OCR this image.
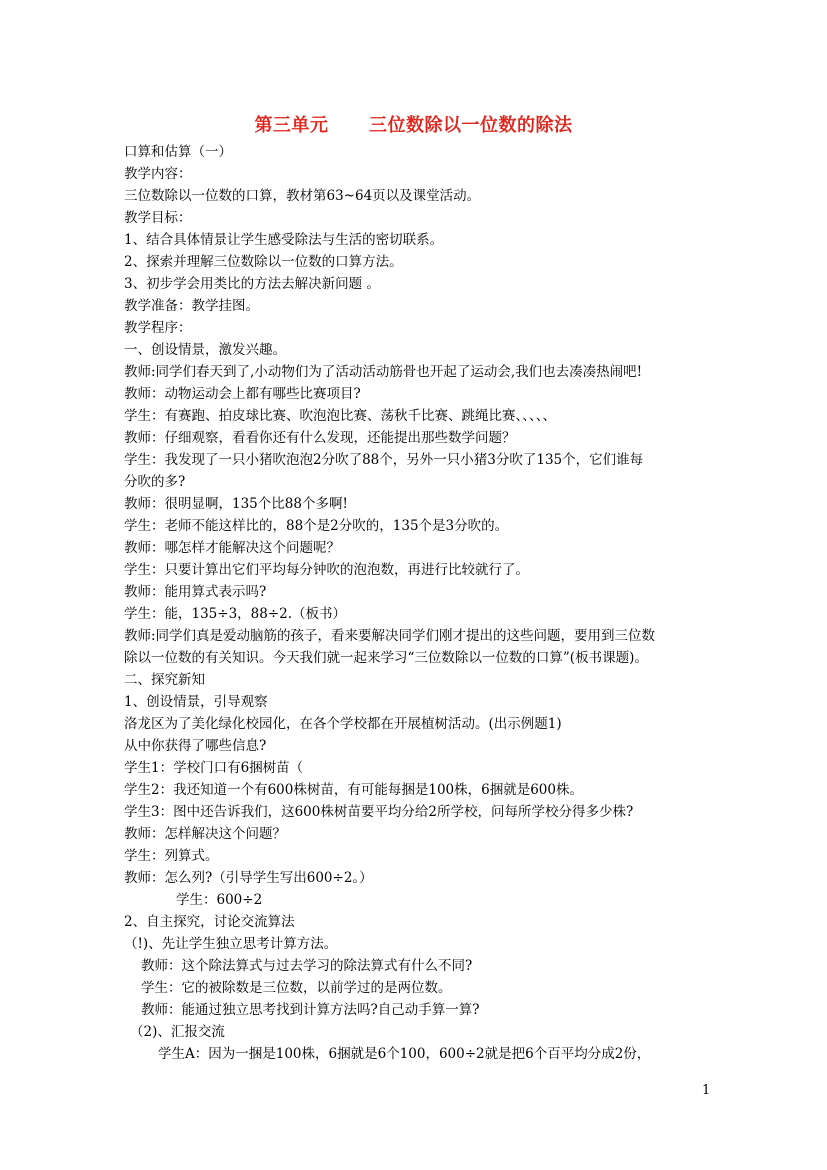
第三单元      三位数除以一位数的除法
口算和估算（一）
教学内容：
三位数除以一位数的口算，教材第63~64页以及课堂活动。
教学目标：
1、结合具体情景让学生感受除法与生活的密切联系。
2、探索并理解三位数除以一位数的口算方法。
3、初步学会用类比的方法去解决新问题 。
教学准备：教学挂图。
教学程序：
一、创设情景，激发兴趣。
教师:同学们春天到了,小动物们为了活动活动筋骨也开起了运动会,我们也去凑凑热闹吧!
教师：动物运动会上都有哪些比赛项目?
学生：有赛跑、拍皮球比赛、吹泡泡比赛、荡秋千比赛、跳绳比赛、、、、、
教师：仔细观察，看看你还有什么发现，还能提出那些数学问题？
学生：我发现了一只小猪吹泡泡2分吹了88个，另外一只小猪3分吹了135个，它们谁每
分吹的多?
教师：很明显啊，135个比88个多啊!
学生：老师不能这样比的，88个是2分吹的，135个是3分吹的。
教师：哪怎样才能解决这个问题呢？
学生：只要计算出它们平均每分钟吹的泡泡数，再进行比较就行了。
教师：能用算式表示吗?
学生：能，135÷3，88÷2.（板书）
教师:同学们真是爱动脑筋的孩子，看来要解决同学们刚才提出的这些问题，要用到三位数
除以一位数的有关知识。今天我们就一起来学习“三位数除以一位数的口算”(板书课题)。
二、探究新知
1、创设情景，引导观察
洛龙区为了美化绿化校园化，在各个学校都在开展植树活动。(出示例题1)
从中你获得了哪些信息?
学生1：学校门口有6捆树苗（
学生2：我还知道一个有600株树苗，有可能每捆是100株，6捆就是600株。
学生3：图中还告诉我们，这600株树苗要平均分给2所学校，问每所学校分得多少株?
教师：怎样解决这个问题？
学生：列算式。
教师：怎么列?（引导学生写出600÷2。）
学生：600÷2
2、自主探究，讨论交流算法
（!)、先让学生独立思考计算方法。
教师：这个除法算式与过去学习的除法算式有什么不同?
学生：它的被除数是三位数，以前学过的是两位数。
教师：能通过独立思考找到计算方法吗?自己动手算一算?
（2)、汇报交流
学生A：因为一捆是100株，6捆就是6个100，600÷2就是把6个百平均分成2份，
1
